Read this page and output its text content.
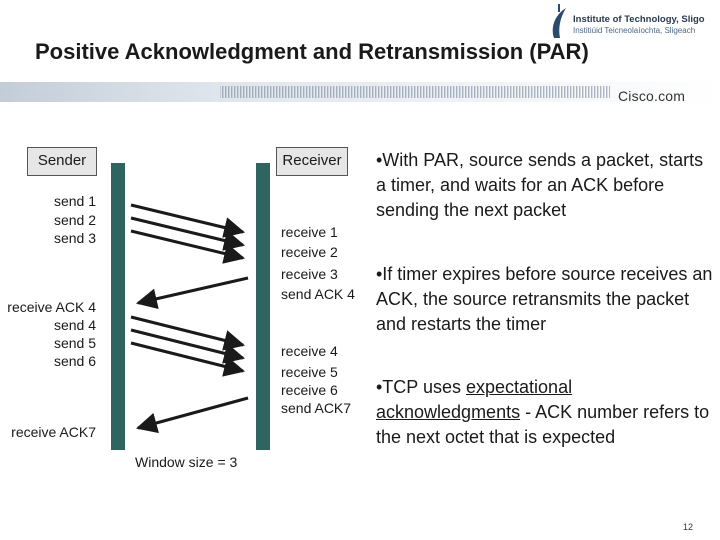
Positive Acknowledgment and Retransmission (PAR)
Institute of Technology, Sligo
Institiúid Teicneolaíochta, Sligeach
Cisco.com
Sender	Receiver
send 1
send 2
send 3
receive ACK 4
send 4
send 5
send 6
receive ACK7
receive 1
receive 2
receive 3
send ACK 4
receive 4
receive 5
receive 6
send ACK7
Window size = 3
•With PAR, source sends a packet, starts a timer, and waits for an ACK before sending the next packet
•If timer expires before source receives an ACK, the source retransmits the packet and restarts the timer
•TCP uses expectational acknowledgments - ACK number refers to the next octet that is expected
12
